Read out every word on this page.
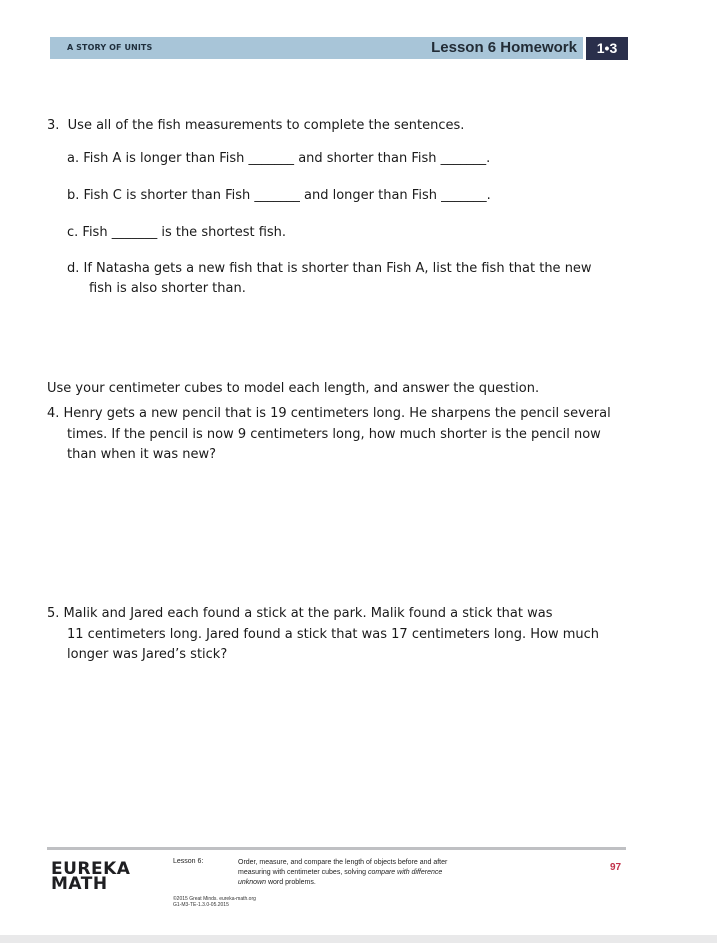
A STORY OF UNITS	Lesson 6 Homework	1•3
3. Use all of the fish measurements to complete the sentences.
a. Fish A is longer than Fish _______ and shorter than Fish _______.
b. Fish C is shorter than Fish _______ and longer than Fish _______.
c. Fish _______ is the shortest fish.
d. If Natasha gets a new fish that is shorter than Fish A, list the fish that the new
fish is also shorter than.
Use your centimeter cubes to model each length, and answer the question.
4. Henry gets a new pencil that is 19 centimeters long. He sharpens the pencil several
times. If the pencil is now 9 centimeters long, how much shorter is the pencil now
than when it was new?
5. Malik and Jared each found a stick at the park. Malik found a stick that was
11 centimeters long. Jared found a stick that was 17 centimeters long. How much
longer was Jared’s stick?
EUREKA
MATH
Lesson 6:	Order, measure, and compare the length of objects before and after
measuring with centimeter cubes, solving compare with difference
unknown word problems.
©2015 Great Minds. eureka-math.org
G1-M3-TE-1.3.0-05.2015
97
